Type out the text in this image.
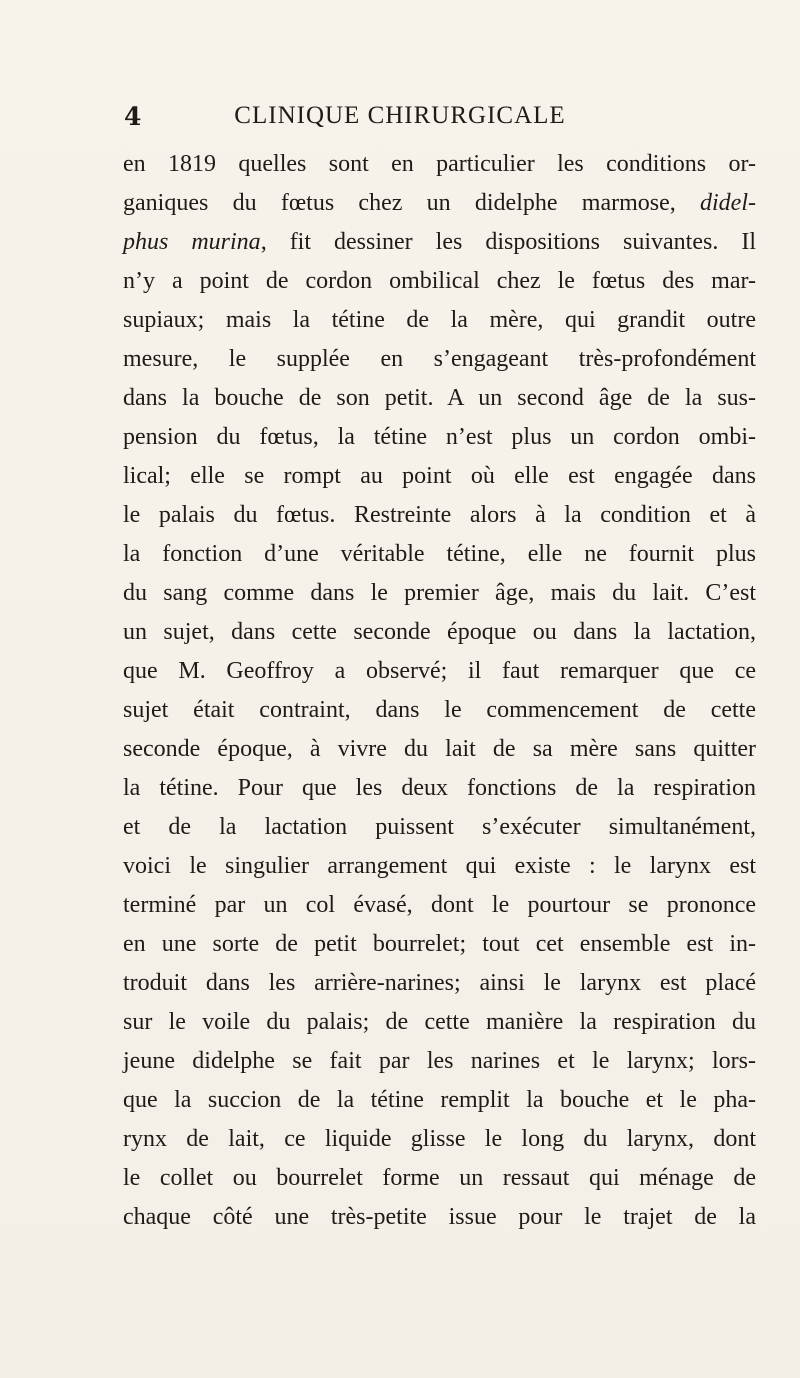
4	CLINIQUE CHIRURGICALE
en 1819 quelles sont en particulier les conditions or-
ganiques du fœtus chez un didelphe marmose, didel-
phus murina, fit dessiner les dispositions suivantes. Il
n’y a point de cordon ombilical chez le fœtus des mar-
supiaux; mais la tétine de la mère, qui grandit outre
mesure, le supplée en s’engageant très-profondément
dans la bouche de son petit. A un second âge de la sus-
pension du fœtus, la tétine n’est plus un cordon ombi-
lical; elle se rompt au point où elle est engagée dans
le palais du fœtus. Restreinte alors à la condition et à
la fonction d’une véritable tétine, elle ne fournit plus
du sang comme dans le premier âge, mais du lait. C’est
un sujet, dans cette seconde époque ou dans la lactation,
que M. Geoffroy a observé; il faut remarquer que ce
sujet était contraint, dans le commencement de cette
seconde époque, à vivre du lait de sa mère sans quitter
la tétine. Pour que les deux fonctions de la respiration
et de la lactation puissent s’exécuter simultanément,
voici le singulier arrangement qui existe : le larynx est
terminé par un col évasé, dont le pourtour se prononce
en une sorte de petit bourrelet; tout cet ensemble est in-
troduit dans les arrière-narines; ainsi le larynx est placé
sur le voile du palais; de cette manière la respiration du
jeune didelphe se fait par les narines et le larynx; lors-
que la succion de la tétine remplit la bouche et le pha-
rynx de lait, ce liquide glisse le long du larynx, dont
le collet ou bourrelet forme un ressaut qui ménage de
chaque côté une très-petite issue pour le trajet de la
